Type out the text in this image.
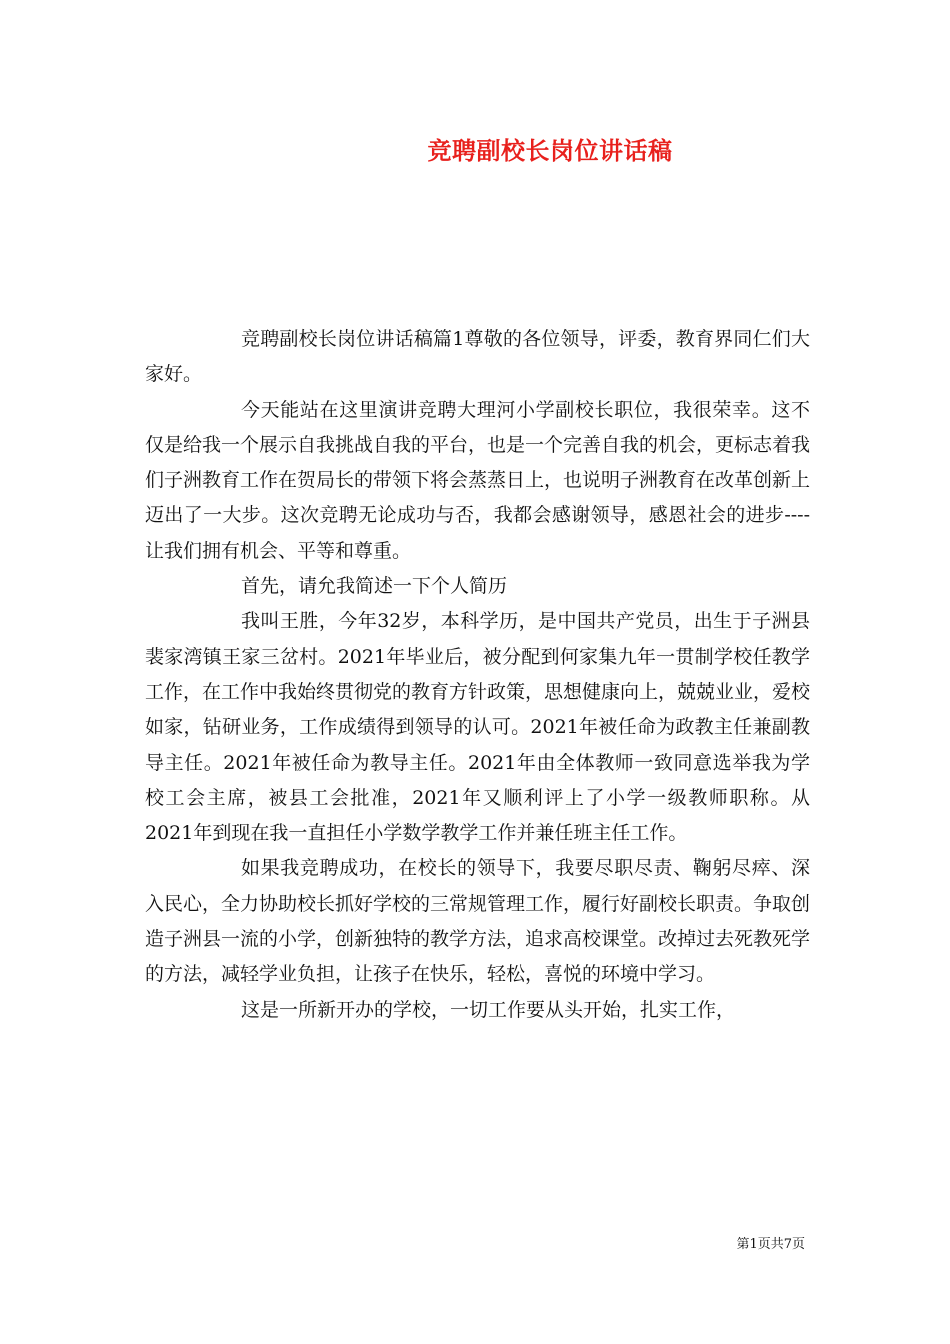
竞聘副校长岗位讲话稿

竞聘副校长岗位讲话稿篇1尊敬的各位领导，评委，教育界同仁们大家好。

今天能站在这里演讲竞聘大理河小学副校长职位，我很荣幸。这不仅是给我一个展示自我挑战自我的平台，也是一个完善自我的机会，更标志着我们子洲教育工作在贺局长的带领下将会蒸蒸日上，也说明子洲教育在改革创新上迈出了一大步。这次竞聘无论成功与否，我都会感谢领导，感恩社会的进步----让我们拥有机会、平等和尊重。

首先，请允我简述一下个人简历

我叫王胜，今年32岁，本科学历，是中国共产党员，出生于子洲县裴家湾镇王家三岔村。2021年毕业后，被分配到何家集九年一贯制学校任教学工作，在工作中我始终贯彻党的教育方针政策，思想健康向上，兢兢业业，爱校如家，钻研业务，工作成绩得到领导的认可。2021年被任命为政教主任兼副教导主任。2021年被任命为教导主任。2021年由全体教师一致同意选举我为学校工会主席，被县工会批准，2021年又顺利评上了小学一级教师职称。从2021年到现在我一直担任小学数学教学工作并兼任班主任工作。

如果我竞聘成功，在校长的领导下，我要尽职尽责、鞠躬尽瘁、深入民心，全力协助校长抓好学校的三常规管理工作，履行好副校长职责。争取创造子洲县一流的小学，创新独特的教学方法，追求高校课堂。改掉过去死教死学的方法，减轻学业负担，让孩子在快乐，轻松，喜悦的环境中学习。

这是一所新开办的学校，一切工作要从头开始，扎实工作，

第1页共7页
